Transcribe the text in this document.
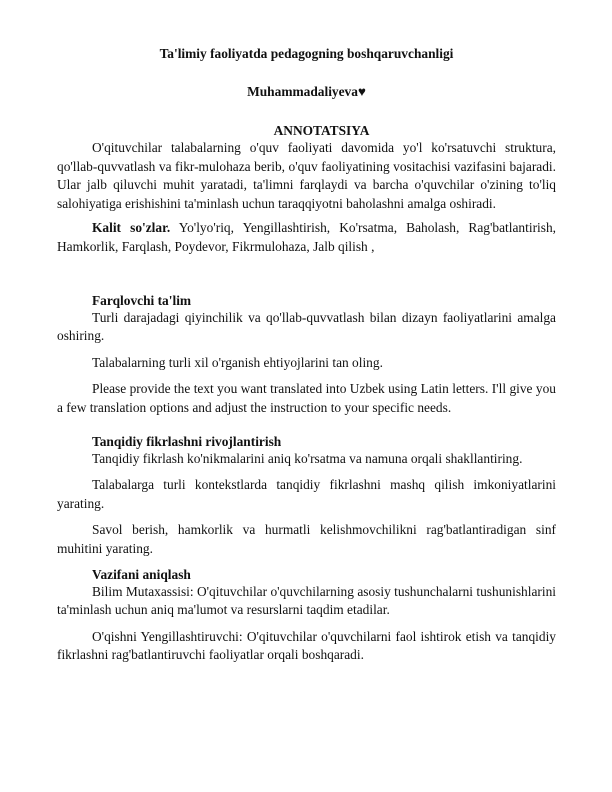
Ta'limiy faoliyatda pedagogning boshqaruvchanligi
Muhammadaliyeva♥
ANNOTATSIYA

O'qituvchilar talabalarning o'quv faoliyati davomida yo'l ko'rsatuvchi struktura, qo'llab-quvvatlash va fikr-mulohaza berib, o'quv faoliyatining vositachisi vazifasini bajaradi. Ular jalb qiluvchi muhit yaratadi, ta'limni farqlaydi va barcha o'quvchilar o'zining to'liq salohiyatiga erishishini ta'minlash uchun taraqqiyotni baholashni amalga oshiradi.

Kalit so'zlar. Yo'lyo'riq, Yengillashtirish, Ko'rsatma, Baholash, Rag'batlantirish, Hamkorlik, Farqlash, Poydevor, Fikrmulohaza, Jalb qilish ,

Farqlovchi ta'lim

Turli darajadagi qiyinchilik va qo'llab-quvvatlash bilan dizayn faoliyatlarini amalga oshiring.

Talabalarning turli xil o'rganish ehtiyojlarini tan oling.

Please provide the text you want translated into Uzbek using Latin letters. I'll give you a few translation options and adjust the instruction to your specific needs.

Tanqidiy fikrlashni rivojlantirish

Tanqidiy fikrlash ko'nikmalarini aniq ko'rsatma va namuna orqali shakllantiring.

Talabalarga turli kontekstlarda tanqidiy fikrlashni mashq qilish imkoniyatlarini yarating.

Savol berish, hamkorlik va hurmatli kelishmovchilikni rag'batlantiradigan sinf muhitini yarating.

Vazifani aniqlash

Bilim Mutaxassisi: O'qituvchilar o'quvchilarning asosiy tushunchalarni tushunishlarini ta'minlash uchun aniq ma'lumot va resurslarni taqdim etadilar.

O'qishni Yengillashtiruvchi: O'qituvchilar o'quvchilarni faol ishtirok etish va tanqidiy fikrlashni rag'batlantiruvchi faoliyatlar orqali boshqaradi.
